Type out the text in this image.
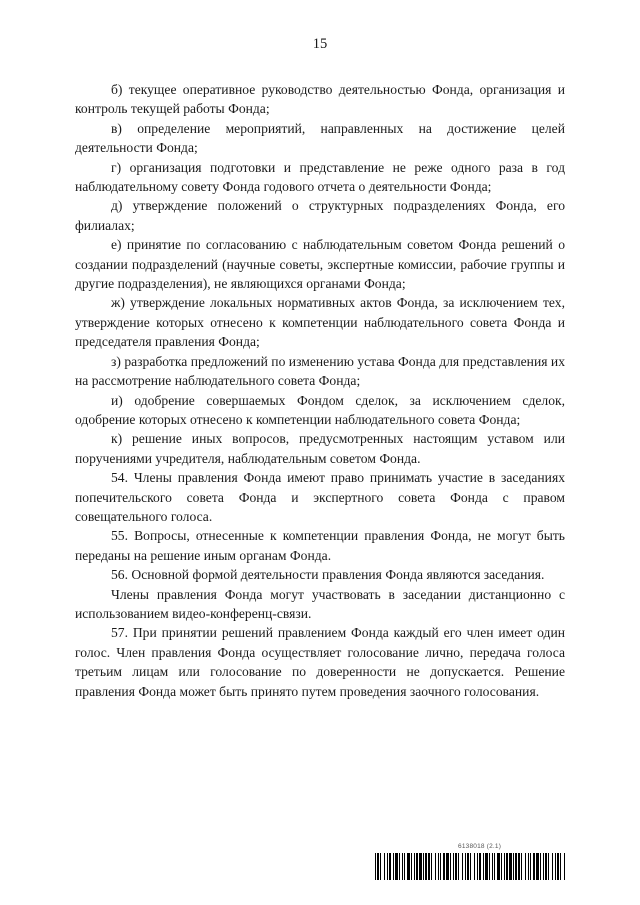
15

б) текущее оперативное руководство деятельностью Фонда, организация и контроль текущей работы Фонда;

в) определение мероприятий, направленных на достижение целей деятельности Фонда;

г) организация подготовки и представление не реже одного раза в год наблюдательному совету Фонда годового отчета о деятельности Фонда;

д) утверждение положений о структурных подразделениях Фонда, его филиалах;

е) принятие по согласованию с наблюдательным советом Фонда решений о создании подразделений (научные советы, экспертные комиссии, рабочие группы и другие подразделения), не являющихся органами Фонда;

ж) утверждение локальных нормативных актов Фонда, за исключением тех, утверждение которых отнесено к компетенции наблюдательного совета Фонда и председателя правления Фонда;

з) разработка предложений по изменению устава Фонда для представления их на рассмотрение наблюдательного совета Фонда;

и) одобрение совершаемых Фондом сделок, за исключением сделок, одобрение которых отнесено к компетенции наблюдательного совета Фонда;

к) решение иных вопросов, предусмотренных настоящим уставом или поручениями учредителя, наблюдательным советом Фонда.

54. Члены правления Фонда имеют право принимать участие в заседаниях попечительского совета Фонда и экспертного совета Фонда с правом совещательного голоса.

55. Вопросы, отнесенные к компетенции правления Фонда, не могут быть переданы на решение иным органам Фонда.

56. Основной формой деятельности правления Фонда являются заседания.

Члены правления Фонда могут участвовать в заседании дистанционно с использованием видео-конференц-связи.

57. При принятии решений правлением Фонда каждый его член имеет один голос. Член правления Фонда осуществляет голосование лично, передача голоса третьим лицам или голосование по доверенности не допускается. Решение правления Фонда может быть принято путем проведения заочного голосования.

6138018 (2.1)
